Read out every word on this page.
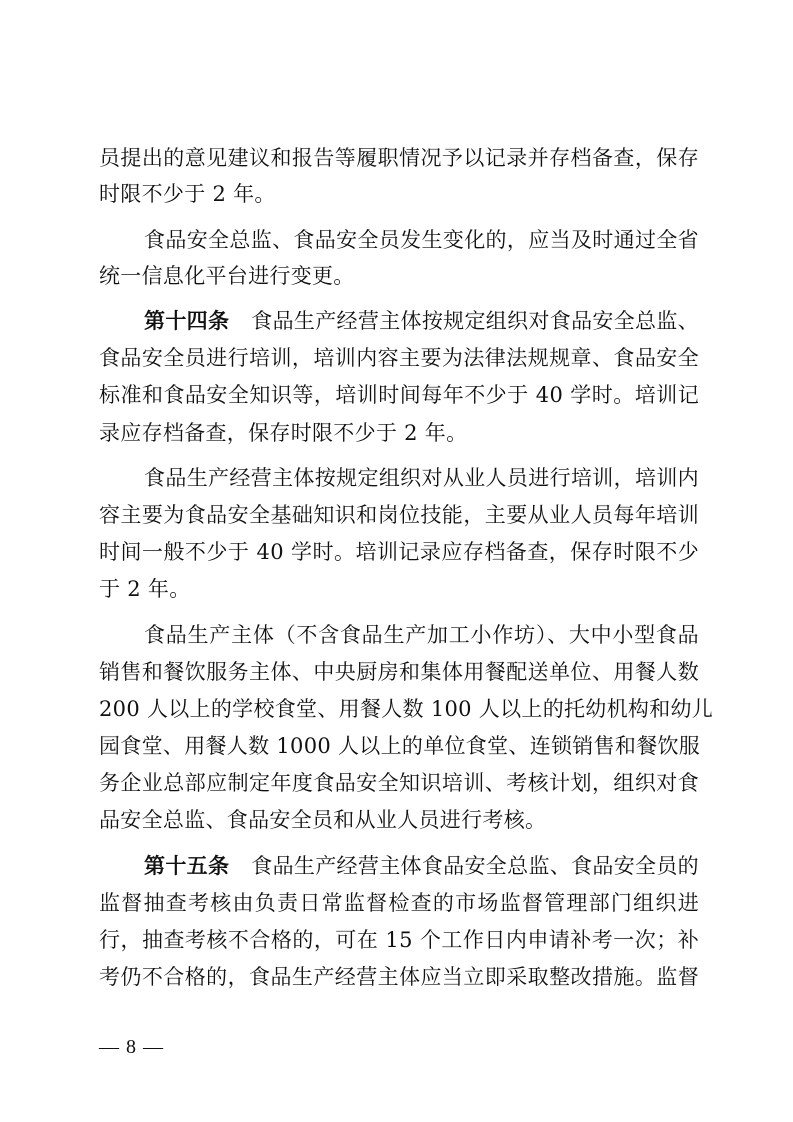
员提出的意见建议和报告等履职情况予以记录并存档备查，保存
时限不少于 2 年。
食品安全总监、食品安全员发生变化的，应当及时通过全省
统一信息化平台进行变更。
第十四条 食品生产经营主体按规定组织对食品安全总监、
食品安全员进行培训，培训内容主要为法律法规规章、食品安全
标准和食品安全知识等，培训时间每年不少于 40 学时。培训记
录应存档备查，保存时限不少于 2 年。
食品生产经营主体按规定组织对从业人员进行培训，培训内
容主要为食品安全基础知识和岗位技能，主要从业人员每年培训
时间一般不少于 40 学时。培训记录应存档备查，保存时限不少
于 2 年。
食品生产主体（不含食品生产加工小作坊）、大中小型食品
销售和餐饮服务主体、中央厨房和集体用餐配送单位、用餐人数
200 人以上的学校食堂、用餐人数 100 人以上的托幼机构和幼儿
园食堂、用餐人数 1000 人以上的单位食堂、连锁销售和餐饮服
务企业总部应制定年度食品安全知识培训、考核计划，组织对食
品安全总监、食品安全员和从业人员进行考核。
第十五条 食品生产经营主体食品安全总监、食品安全员的
监督抽查考核由负责日常监督检查的市场监督管理部门组织进
行，抽查考核不合格的，可在 15 个工作日内申请补考一次；补
考仍不合格的，食品生产经营主体应当立即采取整改措施。监督
— 8 —
